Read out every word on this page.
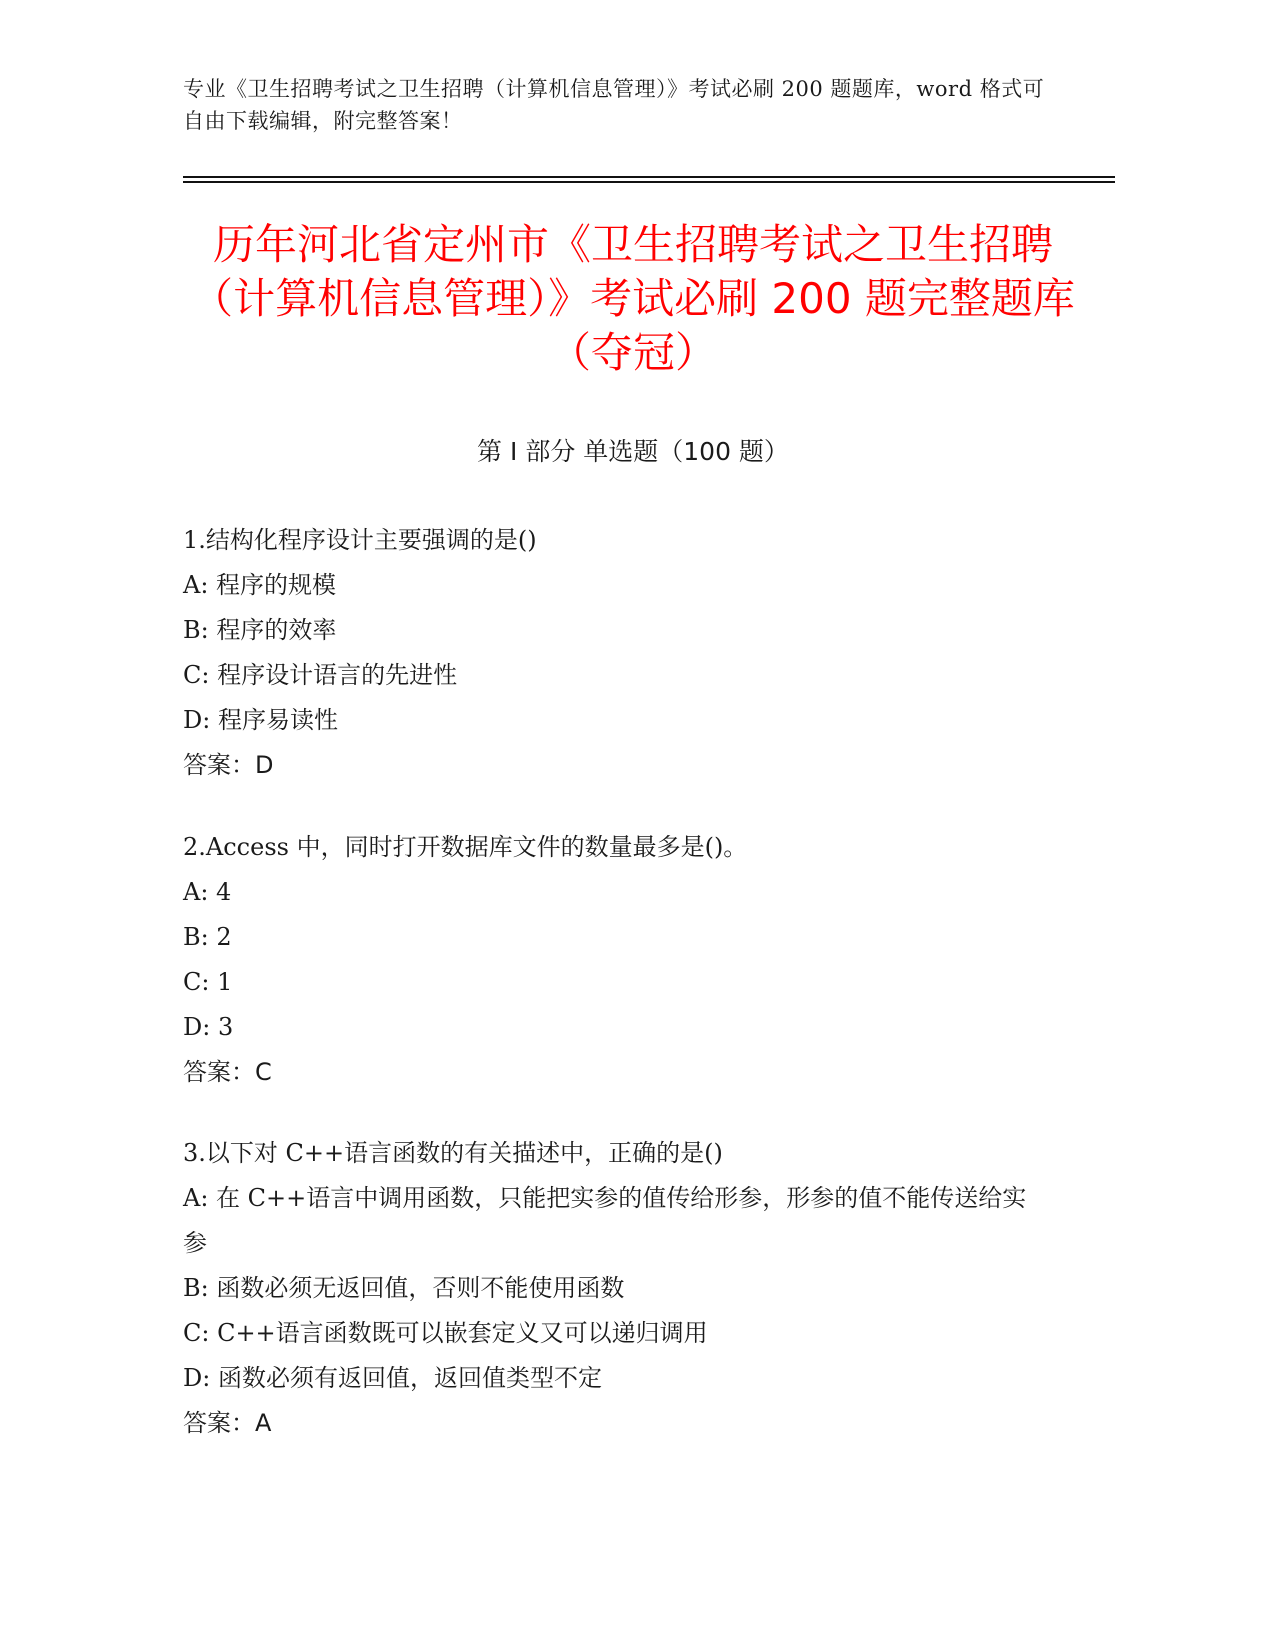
专业《卫生招聘考试之卫生招聘（计算机信息管理）》考试必刷 200 题题库，word 格式可自由下载编辑，附完整答案！
历年河北省定州市《卫生招聘考试之卫生招聘（计算机信息管理）》考试必刷 200 题完整题库（夺冠）
第 I 部分 单选题（100 题）
1.结构化程序设计主要强调的是()
A: 程序的规模
B: 程序的效率
C: 程序设计语言的先进性
D: 程序易读性
答案：D
2.Access 中，同时打开数据库文件的数量最多是()。
A: 4
B: 2
C: 1
D: 3
答案：C
3.以下对 C++语言函数的有关描述中，正确的是()
A: 在 C++语言中调用函数，只能把实参的值传给形参，形参的值不能传送给实参
B: 函数必须无返回值，否则不能使用函数
C: C++语言函数既可以嵌套定义又可以递归调用
D: 函数必须有返回值，返回值类型不定
答案：A
